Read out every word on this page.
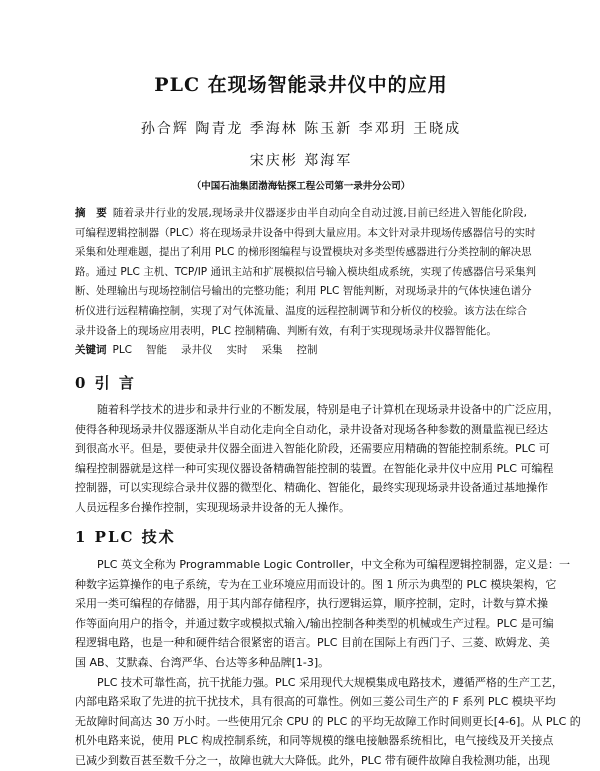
PLC 在现场智能录井仪中的应用
孙合辉 陶青龙 季海林 陈玉新 李邓玥 王晓成
宋庆彬 郑海军
（中国石油集团渤海钻探工程公司第一录井分公司）
摘　要 随着录井行业的发展,现场录井仪器逐步由半自动向全自动过渡,目前已经进入智能化阶段,
可编程逻辑控制器（PLC）将在现场录井设备中得到大量应用。本文针对录井现场传感器信号的实时
采集和处理难题，提出了利用 PLC 的梯形图编程与设置模块对多类型传感器进行分类控制的解决思
路。通过 PLC 主机、TCP/IP 通讯主站和扩展模拟信号输入模块组成系统，实现了传感器信号采集判
断、处理输出与现场控制信号输出的完整功能；利用 PLC 智能判断，对现场录井的气体快速色谱分
析仪进行远程精确控制，实现了对气体流量、温度的远程控制调节和分析仪的校验。该方法在综合
录井设备上的现场应用表明，PLC 控制精确、判断有效，有利于实现现场录井仪器智能化。
关键词 PLC 智能 录井仪 实时 采集 控制
0 引 言
随着科学技术的进步和录井行业的不断发展，特别是电子计算机在现场录井设备中的广泛应用，
使得各种现场录井仪器逐渐从半自动化走向全自动化，录井设备对现场各种参数的测量监视已经达
到很高水平。但是，要使录井仪器全面进入智能化阶段，还需要应用精确的智能控制系统。PLC 可
编程控制器就是这样一种可实现仪器设备精确智能控制的装置。在智能化录井仪中应用 PLC 可编程
控制器，可以实现综合录井仪器的微型化、精确化、智能化，最终实现现场录井设备通过基地操作
人员远程多台操作控制，实现现场录井设备的无人操作。
1 PLC 技术
PLC 英文全称为 Programmable Logic Controller，中文全称为可编程逻辑控制器，定义是：一
种数字运算操作的电子系统，专为在工业环境应用而设计的。图 1 所示为典型的 PLC 模块架构，它
采用一类可编程的存储器，用于其内部存储程序，执行逻辑运算，顺序控制，定时，计数与算术操
作等面向用户的指令，并通过数字或模拟式输入/输出控制各种类型的机械或生产过程。PLC 是可编
程逻辑电路，也是一种和硬件结合很紧密的语言。PLC 目前在国际上有西门子、三菱、欧姆龙、美
国 AB、艾默森、台湾严华、台达等多种品牌[1-3]。
PLC 技术可靠性高，抗干扰能力强。PLC 采用现代大规模集成电路技术，遵循严格的生产工艺，
内部电路采取了先进的抗干扰技术，具有很高的可靠性。例如三菱公司生产的 F 系列 PLC 模块平均
无故障时间高达 30 万小时。一些使用冗余 CPU 的 PLC 的平均无故障工作时间则更长[4-6]。从 PLC 的
机外电路来说，使用 PLC 构成控制系统，和同等规模的继电接触器系统相比，电气接线及开关接点
已减少到数百甚至数千分之一，故障也就大大降低。此外，PLC 带有硬件故障自我检测功能，出现
